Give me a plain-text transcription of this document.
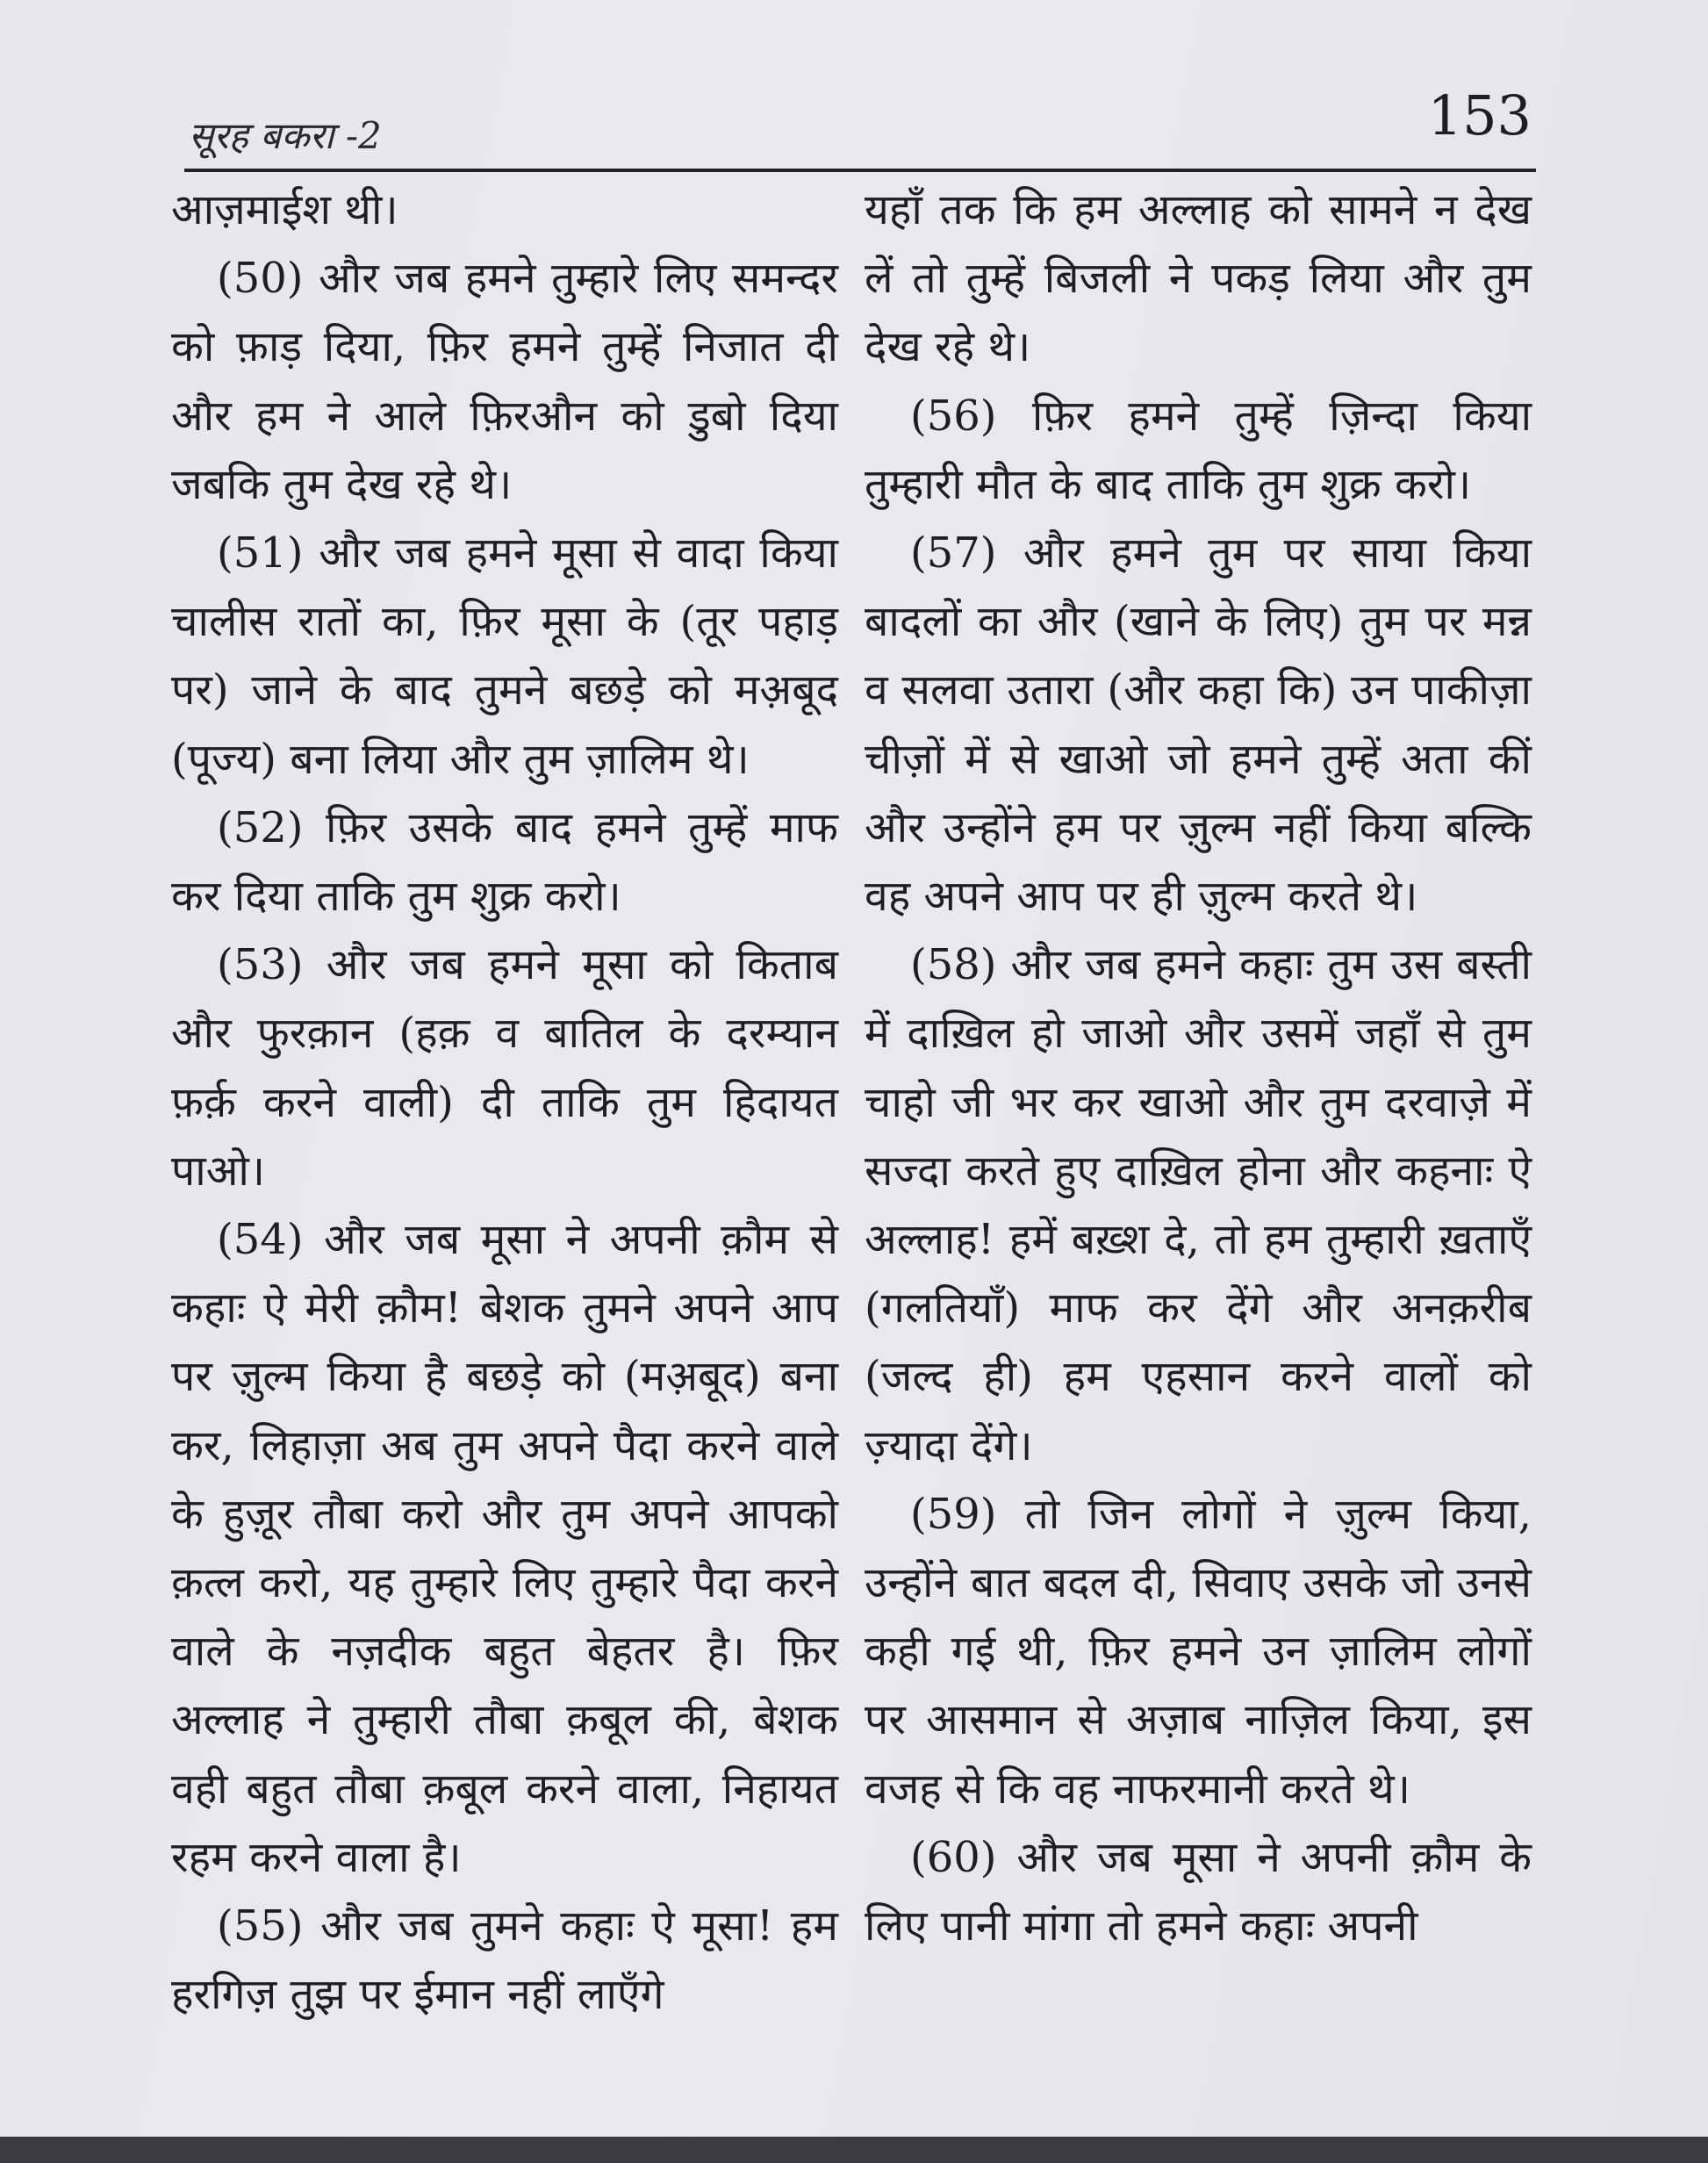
सूरह बकरा -2	153

आज़माईश थी।

(50) और जब हमने तुम्हारे लिए समन्दर को फ़ाड़ दिया, फ़िर हमने तुम्हें निजात दी और हम ने आले फ़िरऔन को डुबो दिया जबकि तुम देख रहे थे।

(51) और जब हमने मूसा से वादा किया चालीस रातों का, फ़िर मूसा के (तूर पहाड़ पर) जाने के बाद तुमने बछड़े को मअ़बूद (पूज्य) बना लिया और तुम ज़ालिम थे।

(52) फ़िर उसके बाद हमने तुम्हें माफ कर दिया ताकि तुम शुक्र करो।

(53) और जब हमने मूसा को किताब और फुरक़ान (हक़ व बातिल के दरम्यान फ़र्क़ करने वाली) दी ताकि तुम हिदायत पाओ।

(54) और जब मूसा ने अपनी क़ौम से कहाः ऐ मेरी क़ौम! बेशक तुमने अपने आप पर ज़ुल्म किया है बछड़े को (मअ़बूद) बना कर, लिहाज़ा अब तुम अपने पैदा करने वाले के हुज़ूर तौबा करो और तुम अपने आपको क़त्ल करो, यह तुम्हारे लिए तुम्हारे पैदा करने वाले के नज़दीक बहुत बेहतर है। फ़िर अल्लाह ने तुम्हारी तौबा क़बूल की, बेशक वही बहुत तौबा क़बूल करने वाला, निहायत रहम करने वाला है।

(55) और जब तुमने कहाः ऐ मूसा! हम हरगिज़ तुझ पर ईमान नहीं लाएँगे

यहाँ तक कि हम अल्लाह को सामने न देख लें तो तुम्हें बिजली ने पकड़ लिया और तुम देख रहे थे।

(56) फ़िर हमने तुम्हें ज़िन्दा किया तुम्हारी मौत के बाद ताकि तुम शुक्र करो।

(57) और हमने तुम पर साया किया बादलों का और (खाने के लिए) तुम पर मन्न व सलवा उतारा (और कहा कि) उन पाकीज़ा चीज़ों में से खाओ जो हमने तुम्हें अता कीं और उन्होंने हम पर ज़ुल्म नहीं किया बल्कि वह अपने आप पर ही ज़ुल्म करते थे।

(58) और जब हमने कहाः तुम उस बस्ती में दाख़िल हो जाओ और उसमें जहाँ से तुम चाहो जी भर कर खाओ और तुम दरवाज़े में सज्दा करते हुए दाख़िल होना और कहनाः ऐ अल्लाह! हमें बख़्श दे, तो हम तुम्हारी ख़ताएँ (गलतियाँ) माफ कर देंगे और अनक़रीब (जल्द ही) हम एहसान करने वालों को ज़्यादा देंगे।

(59) तो जिन लोगों ने ज़ुल्म किया, उन्होंने बात बदल दी, सिवाए उसके जो उनसे कही गई थी, फ़िर हमने उन ज़ालिम लोगों पर आसमान से अज़ाब नाज़िल किया, इस वजह से कि वह नाफरमानी करते थे।

(60) और जब मूसा ने अपनी क़ौम के लिए पानी मांगा तो हमने कहाः अपनी
